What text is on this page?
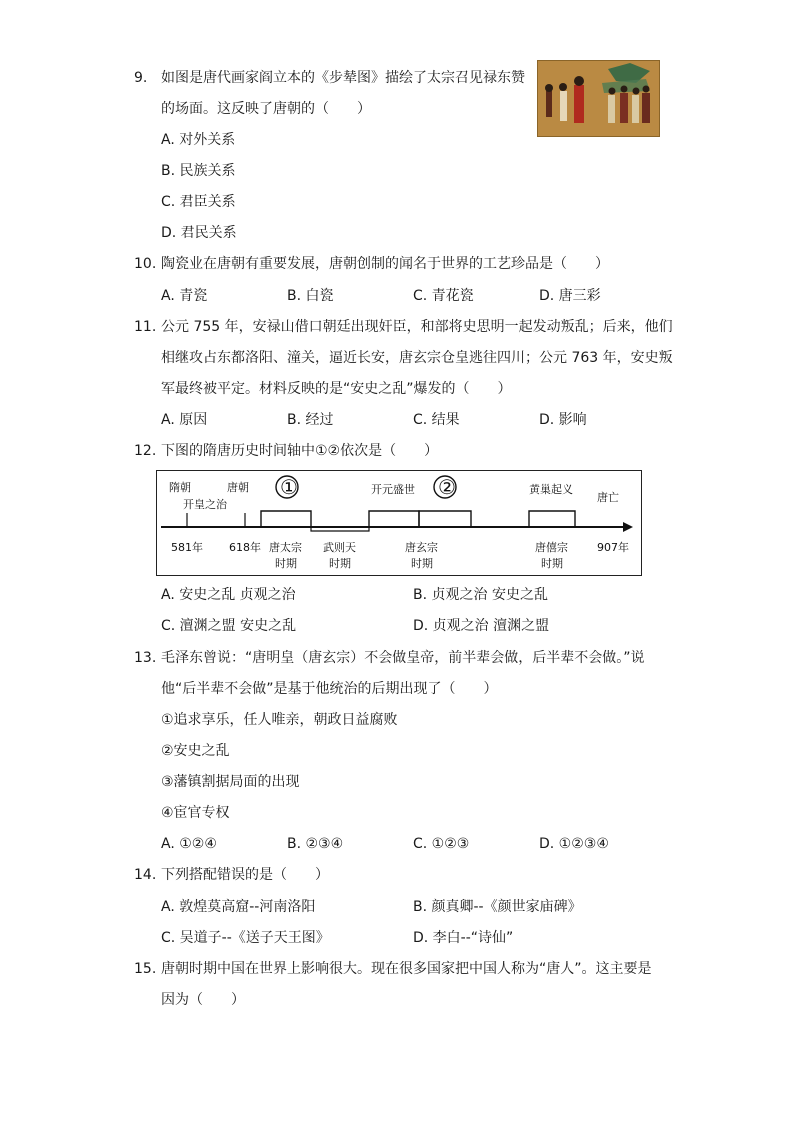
9. 如图是唐代画家阎立本的《步辇图》描绘了太宗召见禄东赞
的场面。这反映了唐朝的（　　）
A. 对外关系
B. 民族关系
C. 君臣关系
D. 君民关系
10. 陶瓷业在唐朝有重要发展，唐朝创制的闻名于世界的工艺珍品是（　　）
A. 青瓷	B. 白瓷	C. 青花瓷	D. 唐三彩
11. 公元 755 年，安禄山借口朝廷出现奸臣，和部将史思明一起发动叛乱；后来，他们
相继攻占东都洛阳、潼关，逼近长安，唐玄宗仓皇逃往四川；公元 763 年，安史叛
军最终被平定。材料反映的是“安史之乱”爆发的（　　）
A. 原因	B. 经过	C. 结果	D. 影响
12. 下图的隋唐历史时间轴中①②依次是（　　）
隋朝
开皇之治
唐朝 ①	开元盛世 ②	黄巢起义
唐亡
581年 618年 唐太宗
时期
武则天
时期
唐玄宗
时期
唐僖宗
时期
907年
A. 安史之乱 贞观之治	B. 贞观之治 安史之乱
C. 澶渊之盟 安史之乱	D. 贞观之治 澶渊之盟
13. 毛泽东曾说：“唐明皇（唐玄宗）不会做皇帝，前半辈会做，后半辈不会做。”说
他“后半辈不会做”是基于他统治的后期出现了（　　）
①追求享乐，任人唯亲，朝政日益腐败
②安史之乱
③藩镇割据局面的出现
④宦官专权
A. ①②④	B. ②③④	C. ①②③	D. ①②③④
14. 下列搭配错误的是（　　）
A. 敦煌莫高窟--河南洛阳	B. 颜真卿--《颜世家庙碑》
C. 吴道子--《送子天王图》	D. 李白--“诗仙”
15. 唐朝时期中国在世界上影响很大。现在很多国家把中国人称为“唐人”。这主要是
因为（　　）
